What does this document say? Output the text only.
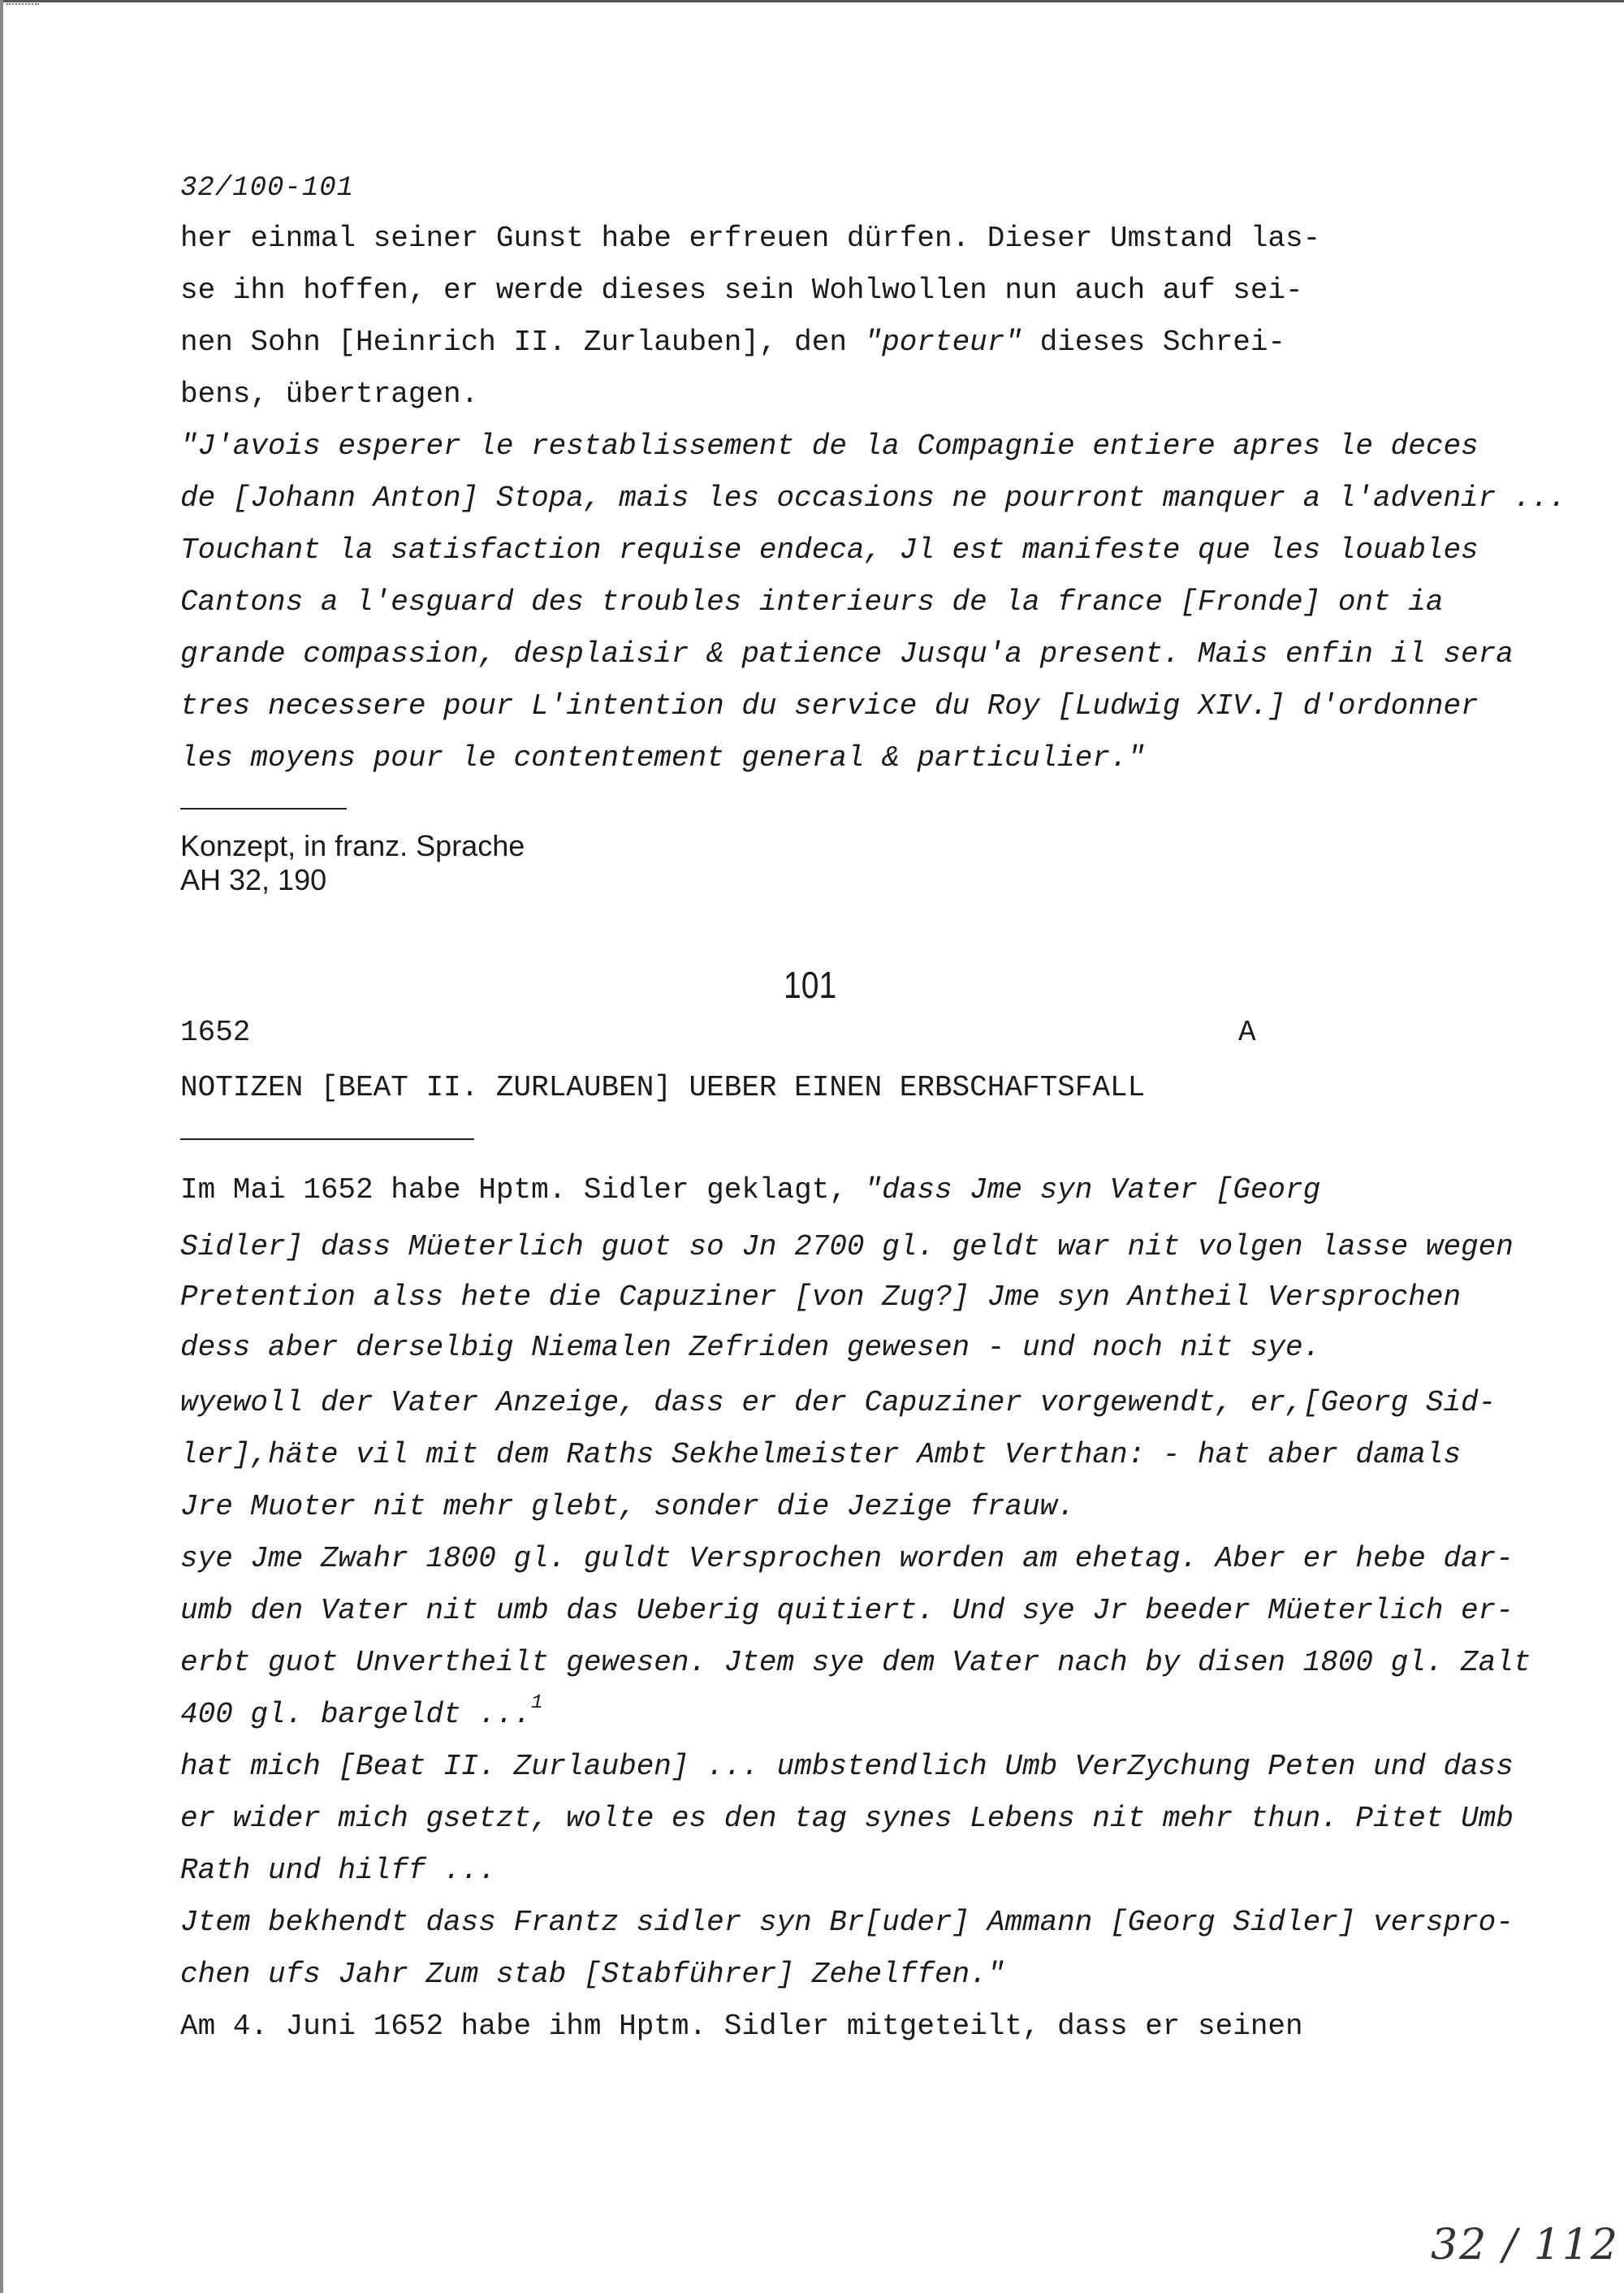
32/100-101
her einmal seiner Gunst habe erfreuen dürfen. Dieser Umstand las-
se ihn hoffen, er werde dieses sein Wohlwollen nun auch auf sei-
nen Sohn [Heinrich II. Zurlauben], den "porteur" dieses Schrei-
bens, übertragen.
"J'avois esperer le restablissement de la Compagnie entiere apres le deces
de [Johann Anton] Stopa, mais les occasions ne pourront manquer a l'advenir ...
Touchant la satisfaction requise endeca, Jl est manifeste que les louables
Cantons a l'esguard des troubles interieurs de la france [Fronde] ont ia
grande compassion, desplaisir & patience Jusqu'a present. Mais enfin il sera
tres necessere pour L'intention du service du Roy [Ludwig XIV.] d'ordonner
les moyens pour le contentement general & particulier."
Konzept, in franz. Sprache
AH 32, 190
101
1652	A
NOTIZEN [BEAT II. ZURLAUBEN] UEBER EINEN ERBSCHAFTSFALL
Im Mai 1652 habe Hptm. Sidler geklagt, "dass Jme syn Vater [Georg
Sidler] dass Müeterlich guot so Jn 2700 gl. geldt war nit volgen lasse wegen
Pretention alss hete die Capuziner [von Zug?] Jme syn Antheil Versprochen
dess aber derselbig Niemalen Zefriden gewesen - und noch nit sye.
wyewoll der Vater Anzeige, dass er der Capuziner vorgewendt, er,[Georg Sid-
ler],häte vil mit dem Raths Sekhelmeister Ambt Verthan: - hat aber damals
Jre Muoter nit mehr glebt, sonder die Jezige frauw.
sye Jme Zwahr 1800 gl. guldt Versprochen worden am ehetag. Aber er hebe dar-
umb den Vater nit umb das Ueberig quitiert. Und sye Jr beeder Müeterlich er-
erbt guot Unvertheilt gewesen. Jtem sye dem Vater nach by disen 1800 gl. Zalt
400 gl. bargeldt ...$^1$
hat mich [Beat II. Zurlauben] ... umbstendlich Umb VerZychung Peten und dass
er wider mich gsetzt, wolte es den tag synes Lebens nit mehr thun. Pitet Umb
Rath und hilff ...
Jtem bekhendt dass Frantz sidler syn Br[uder] Ammann [Georg Sidler] verspro-
chen ufs Jahr Zum stab [Stabführer] Zehelffen."
Am 4. Juni 1652 habe ihm Hptm. Sidler mitgeteilt, dass er seinen
32 / 112
